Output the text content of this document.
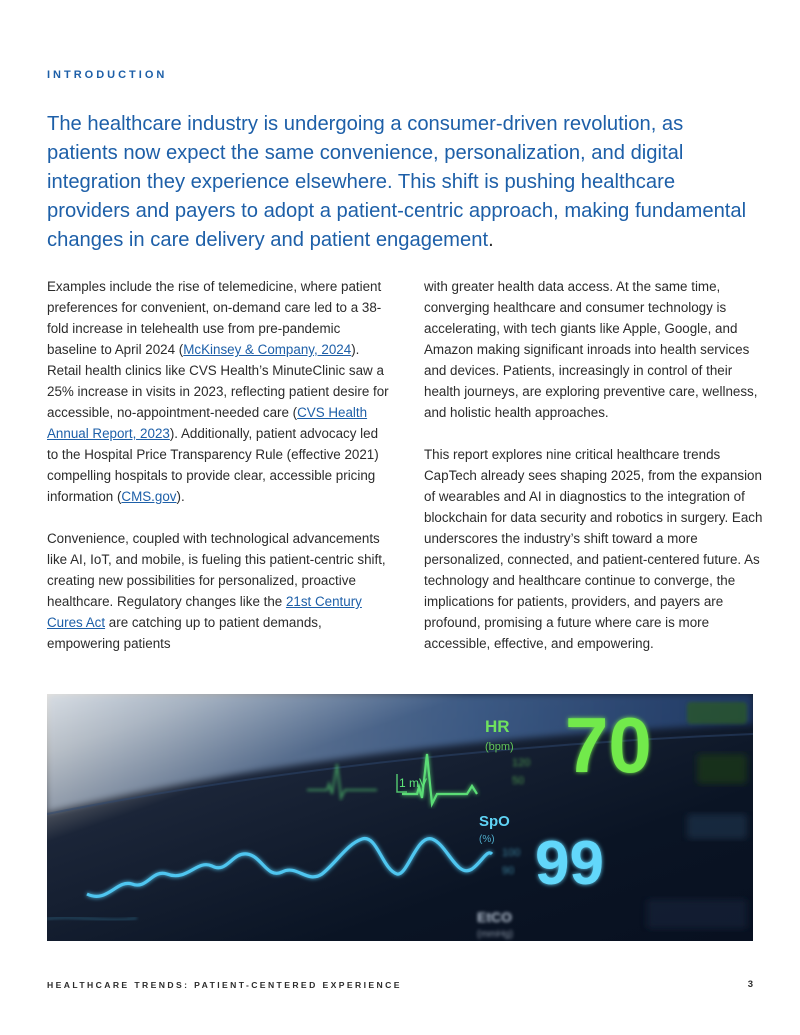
INTRODUCTION
The healthcare industry is undergoing a consumer-driven revolution, as patients now expect the same convenience, personalization, and digital integration they experience elsewhere. This shift is pushing healthcare providers and payers to adopt a patient-centric approach, making fundamental changes in care delivery and patient engagement.

Examples include the rise of telemedicine, where patient preferences for convenient, on-demand care led to a 38-fold increase in telehealth use from pre-pandemic baseline to April 2024 (McKinsey & Company, 2024). Retail health clinics like CVS Health’s MinuteClinic saw a 25% increase in visits in 2023, reflecting patient desire for accessible, no-appointment-needed care (CVS Health Annual Report, 2023). Additionally, patient advocacy led to the Hospital Price Transparency Rule (effective 2021) compelling hospitals to provide clear, accessible pricing information (CMS.gov).

Convenience, coupled with technological advancements like AI, IoT, and mobile, is fueling this patient-centric shift, creating new possibilities for personalized, proactive healthcare. Regulatory changes like the 21st Century Cures Act are catching up to patient demands, empowering patients

with greater health data access. At the same time, converging healthcare and consumer technology is accelerating, with tech giants like Apple, Google, and Amazon making significant inroads into health services and devices. Patients, increasingly in control of their health journeys, are exploring preventive care, wellness, and holistic health approaches.

This report explores nine critical healthcare trends CapTech already sees shaping 2025, from the expansion of wearables and AI in diagnostics to the integration of blockchain for data security and robotics in surgery. Each underscores the industry’s shift toward a more personalized, connected, and patient-centered future. As technology and healthcare continue to converge, the implications for patients, providers, and payers are profound, promising a future where care is more accessible, effective, and empowering.

1 mV
HR
(bpm)
120
50 70
SpO
(%)
100
90 99
EtCO
(mmHg)
HEALTHCARE TRENDS: PATIENT-CENTERED EXPERIENCE	3
